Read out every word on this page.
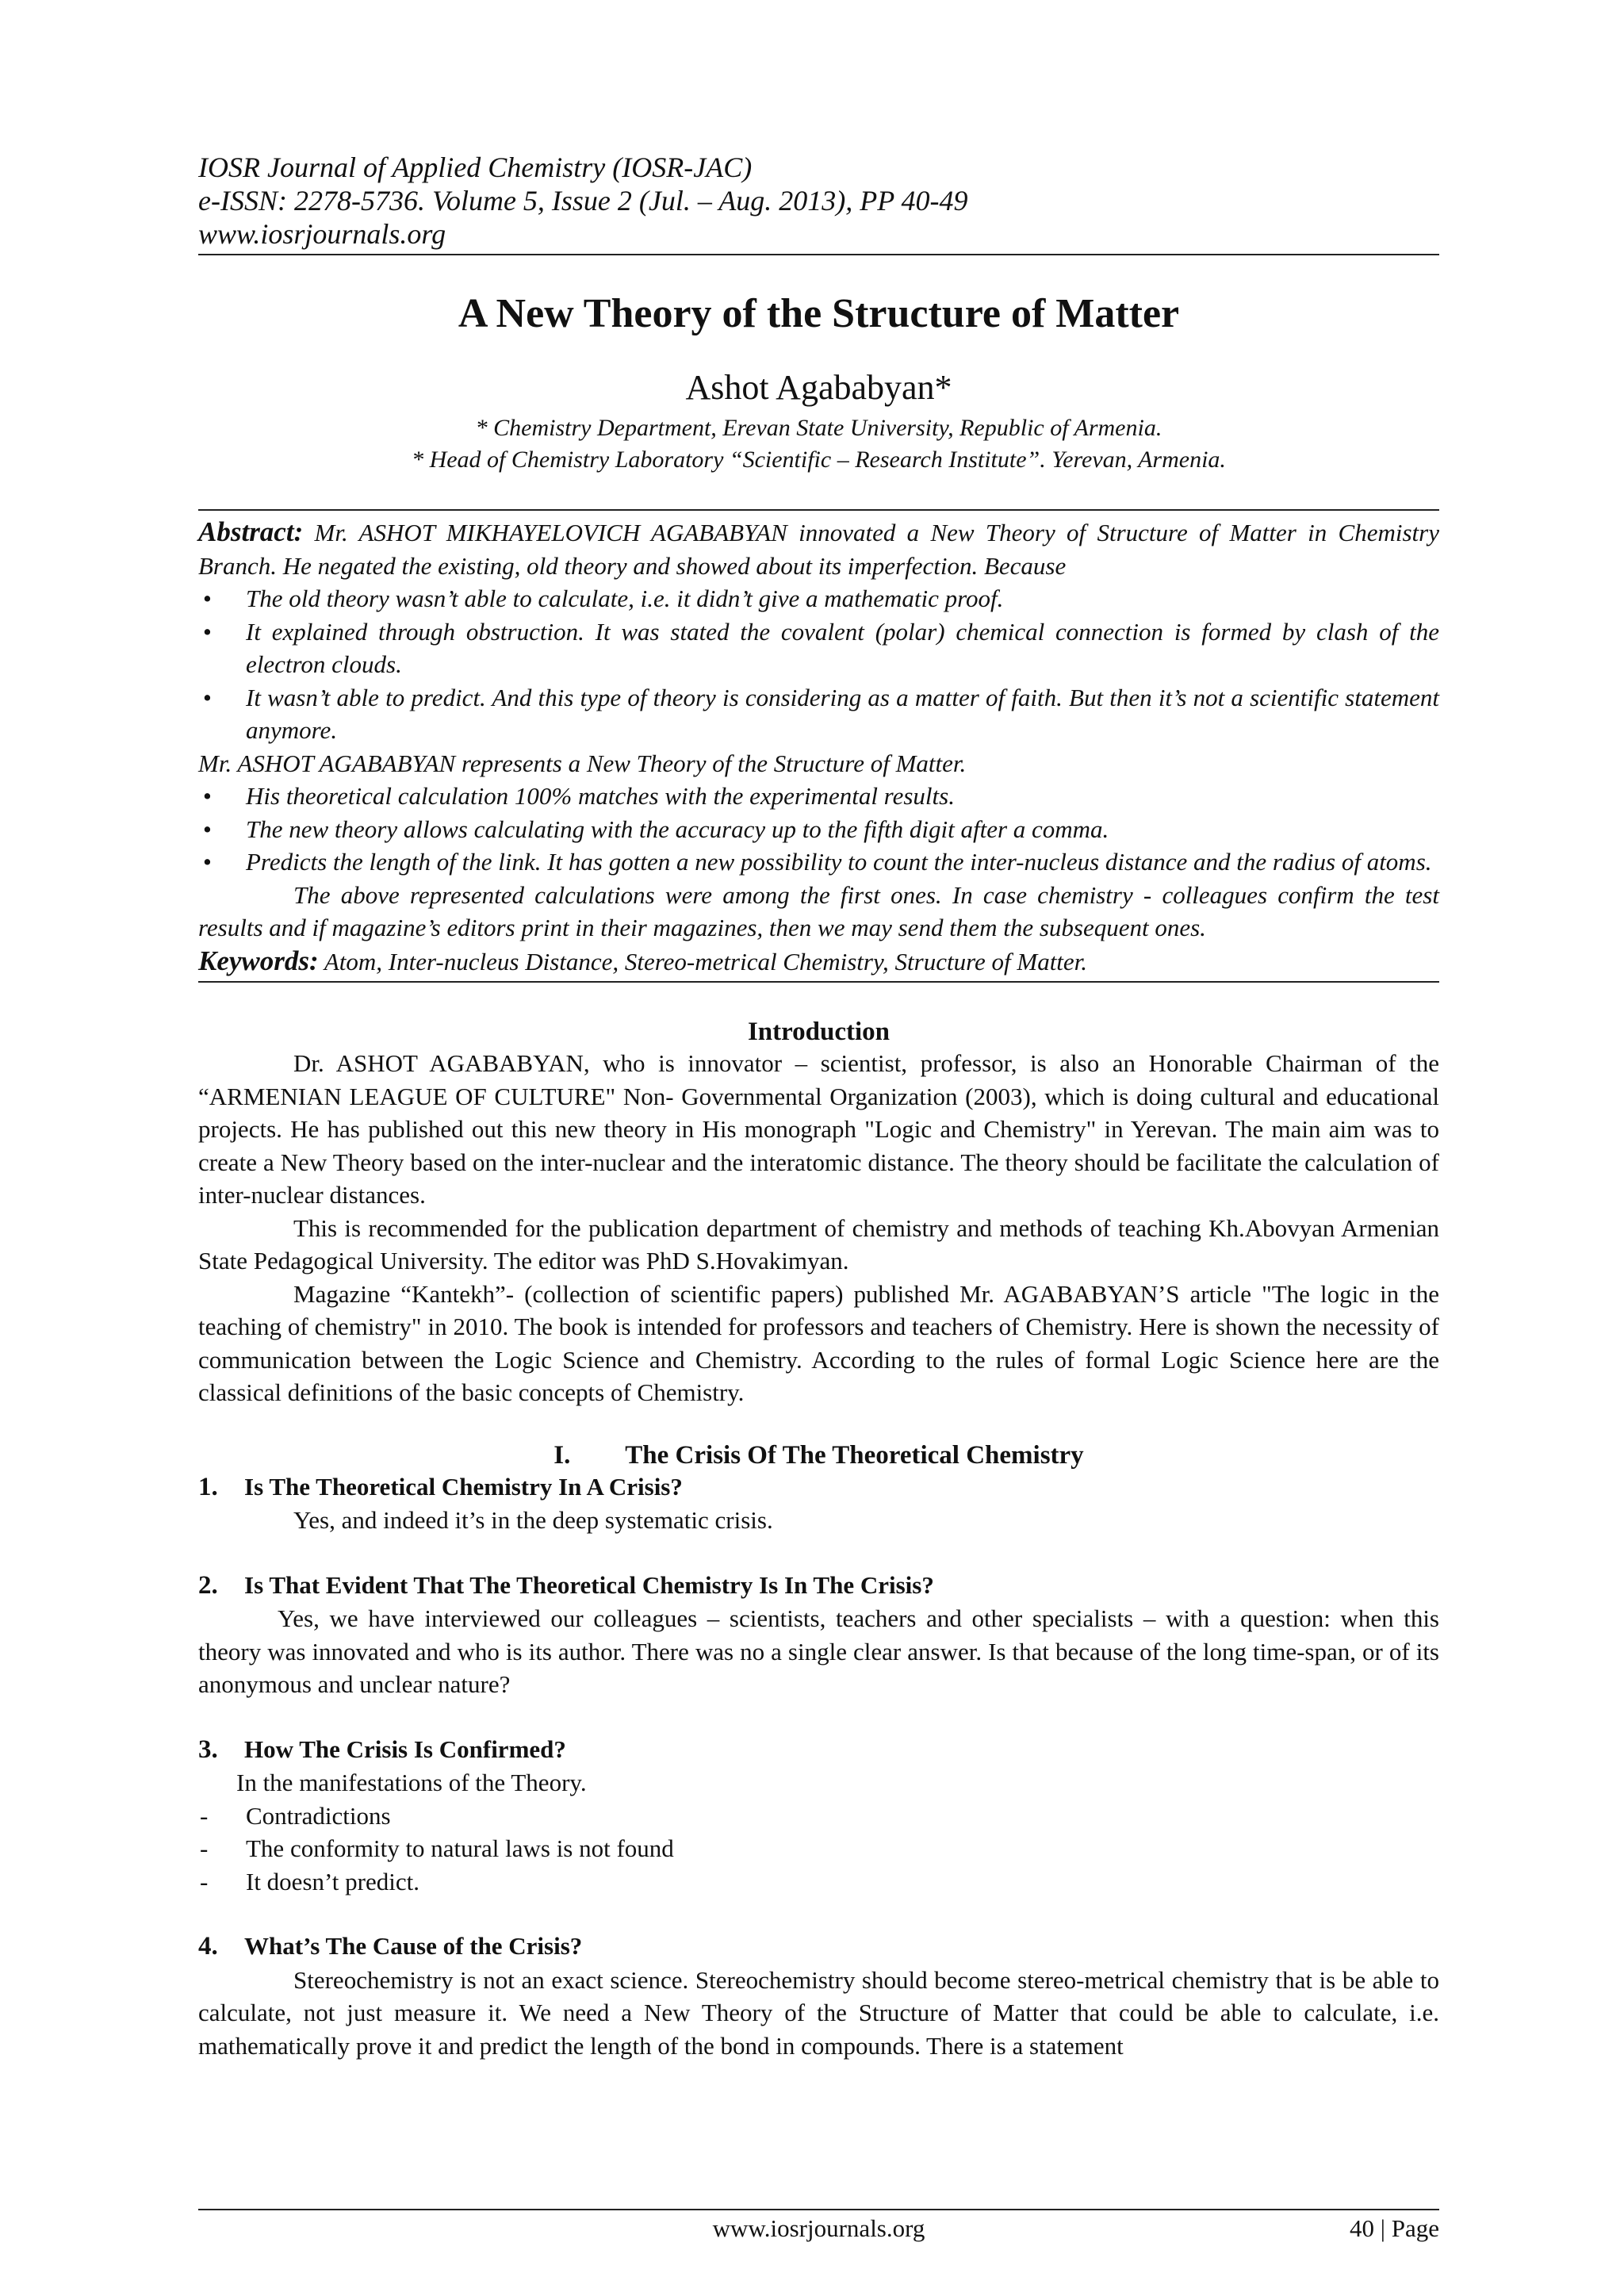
IOSR Journal of Applied Chemistry (IOSR-JAC)
e-ISSN: 2278-5736. Volume 5, Issue 2 (Jul. – Aug. 2013), PP 40-49
www.iosrjournals.org
A New Theory of the Structure of Matter
Ashot Agababyan*
* Chemistry Department, Erevan State University, Republic of Armenia.
* Head of Chemistry Laboratory “Scientific – Research Institute”. Yerevan, Armenia.
Abstract: Mr. ASHOT MIKHAYELOVICH AGABABYAN innovated a New Theory of Structure of Matter in Chemistry Branch. He negated the existing, old theory and showed about its imperfection. Because
• The old theory wasn’t able to calculate, i.e. it didn’t give a mathematic proof.
• It explained through obstruction. It was stated the covalent (polar) chemical connection is formed by clash of the electron clouds.
• It wasn’t able to predict. And this type of theory is considering as a matter of faith. But then it’s not a scientific statement anymore.
Mr. ASHOT AGABABYAN represents a New Theory of the Structure of Matter.
• His theoretical calculation 100% matches with the experimental results.
• The new theory allows calculating with the accuracy up to the fifth digit after a comma.
• Predicts the length of the link. It has gotten a new possibility to count the inter-nucleus distance and the radius of atoms.
The above represented calculations were among the first ones. In case chemistry - colleagues confirm the test results and if magazine’s editors print in their magazines, then we may send them the subsequent ones.
Keywords: Atom, Inter-nucleus Distance, Stereo-metrical Chemistry, Structure of Matter.
Introduction
Dr. ASHOT AGABABYAN, who is innovator – scientist, professor, is also an Honorable Chairman of the “ARMENIAN LEAGUE OF CULTURE" Non- Governmental Organization (2003), which is doing cultural and educational projects. He has published out this new theory in His monograph "Logic and Chemistry" in Yerevan. The main aim was to create a New Theory based on the inter-nuclear and the interatomic distance. The theory should be facilitate the calculation of inter-nuclear distances.
This is recommended for the publication department of chemistry and methods of teaching Kh.Abovyan Armenian State Pedagogical University. The editor was PhD S.Hovakimyan.
Magazine “Kantekh”- (collection of scientific papers) published Mr. AGABABYAN’S article "The logic in the teaching of chemistry" in 2010. The book is intended for professors and teachers of Chemistry. Here is shown the necessity of communication between the Logic Science and Chemistry. According to the rules of formal Logic Science here are the classical definitions of the basic concepts of Chemistry.
I. The Crisis Of The Theoretical Chemistry
1. Is The Theoretical Chemistry In A Crisis?
Yes, and indeed it’s in the deep systematic crisis.
2. Is That Evident That The Theoretical Chemistry Is In The Crisis?
Yes, we have interviewed our colleagues – scientists, teachers and other specialists – with a question: when this theory was innovated and who is its author. There was no a single clear answer. Is that because of the long time-span, or of its anonymous and unclear nature?
3. How The Crisis Is Confirmed?
In the manifestations of the Theory.
- Contradictions
- The conformity to natural laws is not found
- It doesn’t predict.
4. What’s The Cause of the Crisis?
Stereochemistry is not an exact science. Stereochemistry should become stereo-metrical chemistry that is be able to calculate, not just measure it. We need a New Theory of the Structure of Matter that could be able to calculate, i.e. mathematically prove it and predict the length of the bond in compounds. There is a statement
www.iosrjournals.org	40 | Page
